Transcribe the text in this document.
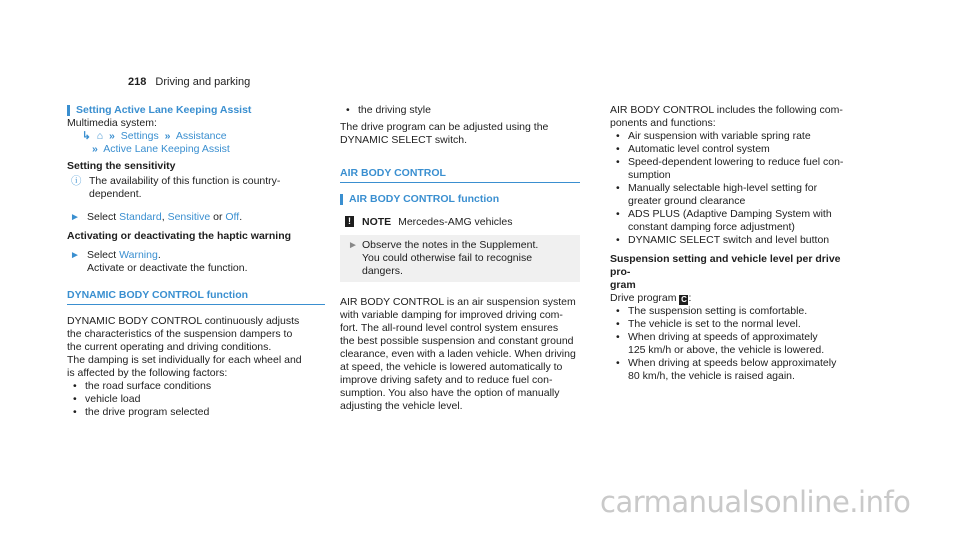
218 Driving and parking
Setting Active Lane Keeping Assist
Multimedia system:
↳ ⌂ » Settings » Assistance
» Active Lane Keeping Assist
Setting the sensitivity
ⓘ The availability of this function is country-
dependent.
► Select Standard, Sensitive or Off.
Activating or deactivating the haptic warning
► Select Warning.
Activate or deactivate the function.
DYNAMIC BODY CONTROL function
DYNAMIC BODY CONTROL continuously adjusts
the characteristics of the suspension dampers to
the current operating and driving conditions.
The damping is set individually for each wheel and
is affected by the following factors:
• the road surface conditions
• vehicle load
• the drive program selected
• the driving style
The drive program can be adjusted using the
DYNAMIC SELECT switch.
AIR BODY CONTROL
AIR BODY CONTROL function
! NOTE Mercedes-AMG vehicles
► Observe the notes in the Supplement.
You could otherwise fail to recognise
dangers.
AIR BODY CONTROL is an air suspension system
with variable damping for improved driving com-
fort. The all-round level control system ensures
the best possible suspension and constant ground
clearance, even with a laden vehicle. When driving
at speed, the vehicle is lowered automatically to
improve driving safety and to reduce fuel con-
sumption. You also have the option of manually
adjusting the vehicle level.
AIR BODY CONTROL includes the following com-
ponents and functions:
• Air suspension with variable spring rate
• Automatic level control system
• Speed-dependent lowering to reduce fuel con-
sumption
• Manually selectable high-level setting for
greater ground clearance
• ADS PLUS (Adaptive Damping System with
constant damping force adjustment)
• DYNAMIC SELECT switch and level button
Suspension setting and vehicle level per drive pro-
gram
Drive program C :
• The suspension setting is comfortable.
• The vehicle is set to the normal level.
• When driving at speeds of approximately
125 km/h or above, the vehicle is lowered.
• When driving at speeds below approximately
80 km/h, the vehicle is raised again.
carmanualsonline.info
